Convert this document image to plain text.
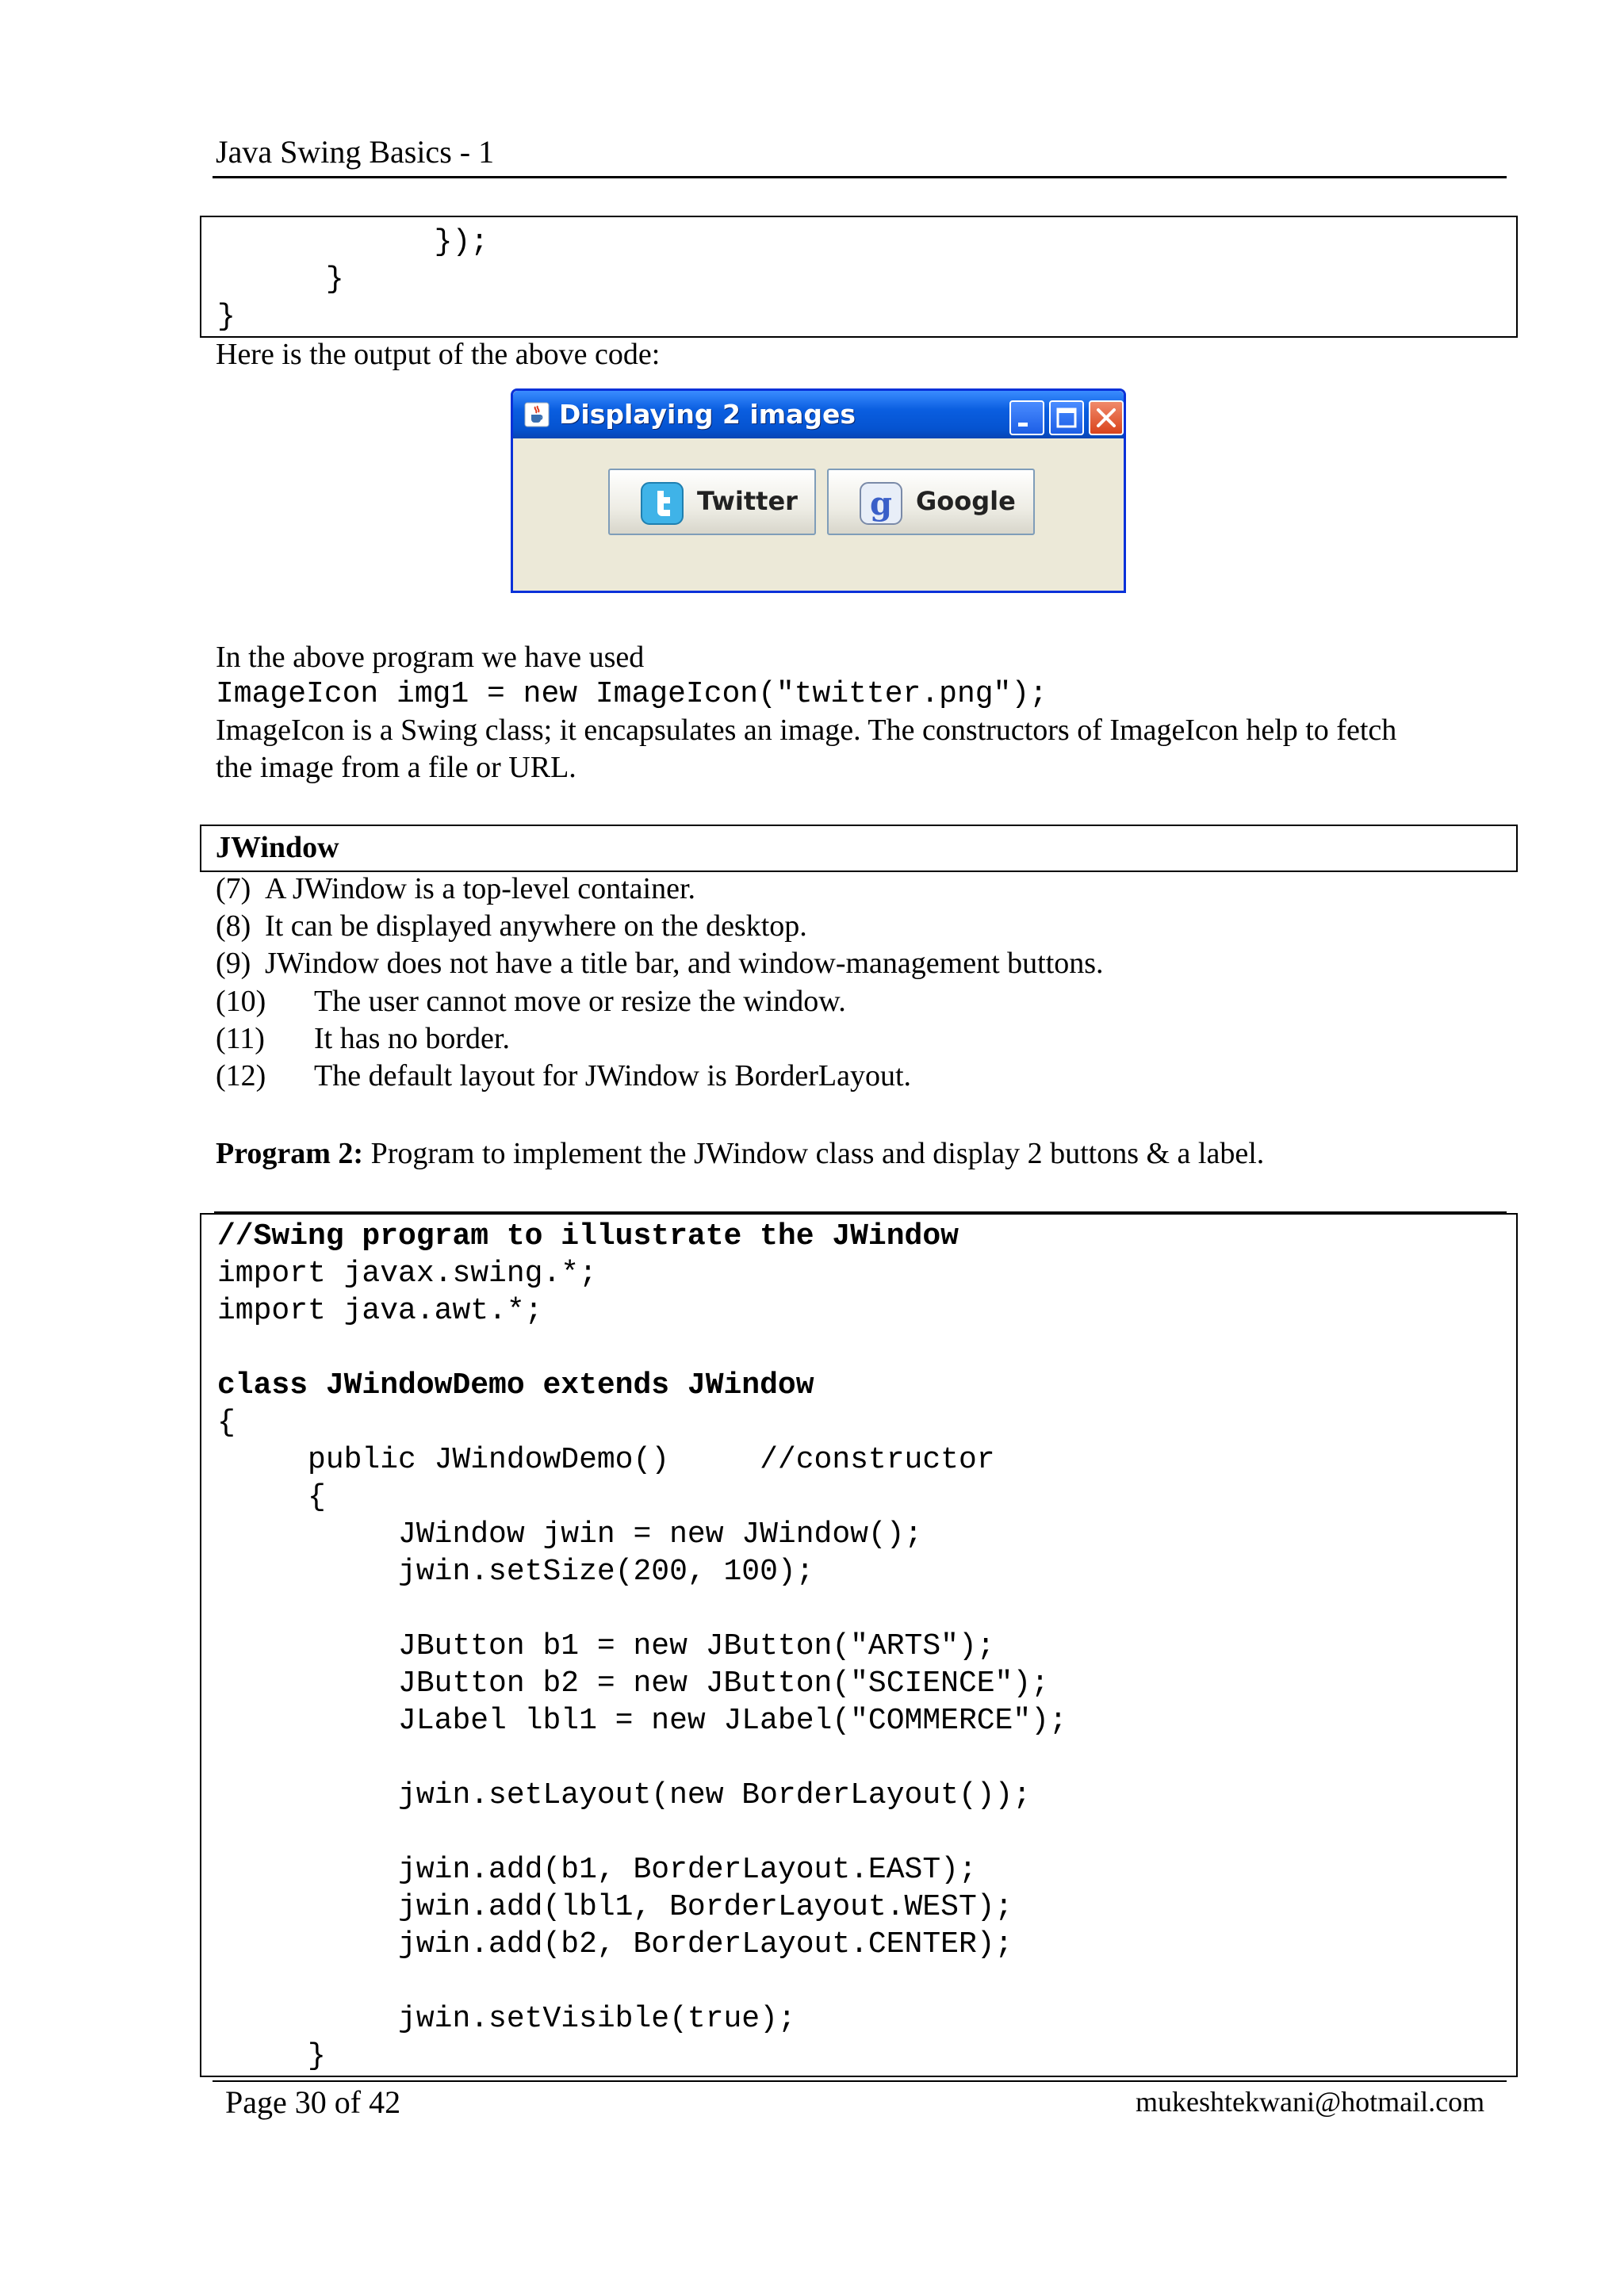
Java Swing Basics - 1
});
}
}
Here is the output of the above code:
Displaying 2 images
Twitter g Google
In the above program we have used
ImageIcon img1 = new ImageIcon("twitter.png");
ImageIcon is a Swing class; it encapsulates an image. The constructors of ImageIcon help to fetch
the image from a file or URL.
JWindow
(7) A JWindow is a top-level container.
(8) It can be displayed anywhere on the desktop.
(9) JWindow does not have a title bar, and window-management buttons.
(10) The user cannot move or resize the window.
(11) It has no border.
(12) The default layout for JWindow is BorderLayout.
Program 2: Program to implement the JWindow class and display 2 buttons & a label.
//Swing program to illustrate the JWindow
import javax.swing.*;
import java.awt.*;
class JWindowDemo extends JWindow
{
public JWindowDemo()     //constructor
{
JWindow jwin = new JWindow();
jwin.setSize(200, 100);
JButton b1 = new JButton("ARTS");
JButton b2 = new JButton("SCIENCE");
JLabel lbl1 = new JLabel("COMMERCE");
jwin.setLayout(new BorderLayout());
jwin.add(b1, BorderLayout.EAST);
jwin.add(lbl1, BorderLayout.WEST);
jwin.add(b2, BorderLayout.CENTER);
jwin.setVisible(true);
}
Page 30 of 42	mukeshtekwani@hotmail.com
